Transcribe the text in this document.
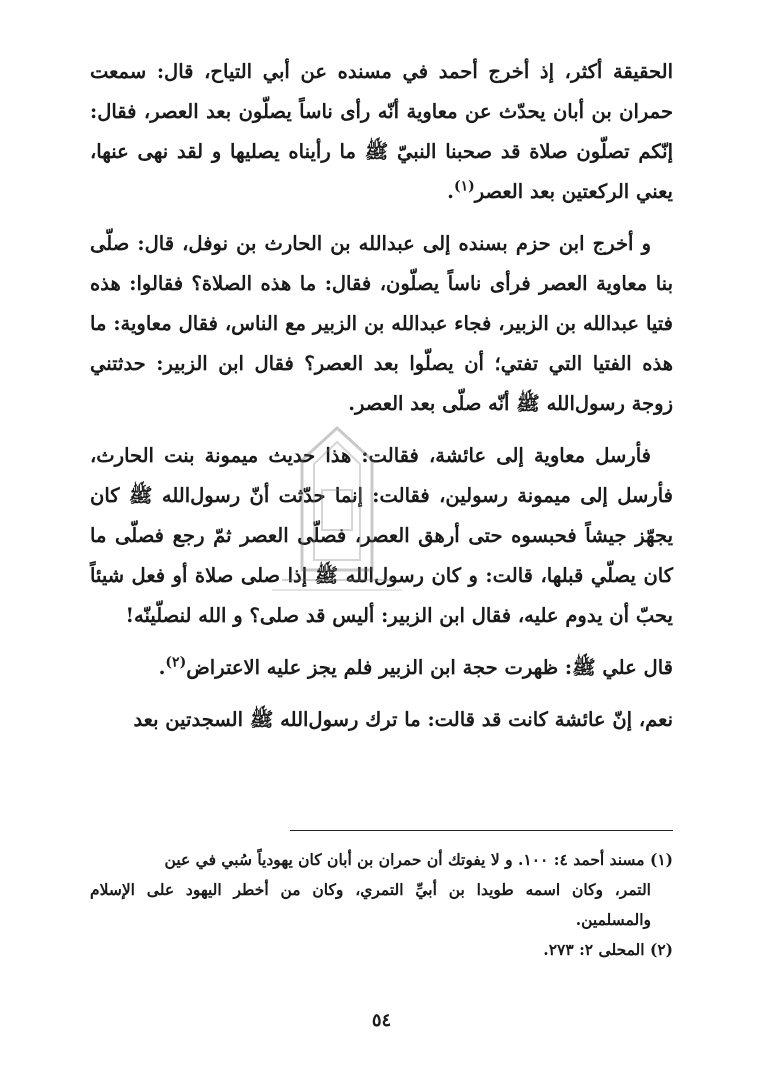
الحقيقة أكثر، إذ أخرج أحمد في مسنده عن أبي التياح، قال: سمعت حمران بن أبان يحدّث عن معاوية أنّه رأى ناساً يصلّون بعد العصر، فقال: إنّكم تصلّون صلاة قد صحبنا النبيّ ﷺ ما رأيناه يصليها و لقد نهى عنها، يعني الركعتين بعد العصر$^{(١)}$.

و أخرج ابن حزم بسنده إلى عبدالله بن الحارث بن نوفل، قال: صلّى بنا معاوية العصر فرأى ناساً يصلّون، فقال: ما هذه الصلاة؟ فقالوا: هذه فتيا عبدالله بن الزبير، فجاء عبدالله بن الزبير مع الناس، فقال معاوية: ما هذه الفتيا التي تفتي؛ أن يصلّوا بعد العصر؟ فقال ابن الزبير: حدثتني زوجة رسول‌الله ﷺ أنّه صلّى بعد العصر.

فأرسل معاوية إلى عائشة، فقالت: هذا حديث ميمونة بنت الحارث، فأرسل إلى ميمونة رسولين، فقالت: إنما حدّثت أنّ رسول‌الله ﷺ كان يجهّز جيشاً فحبسوه حتى أرهق العصر، فصلّى العصر ثمّ رجع فصلّى ما كان يصلّي قبلها، قالت: و كان رسول‌الله ﷺ إذا صلى صلاة أو فعل شيئاً يحبّ أن يدوم عليه، فقال ابن الزبير: أليس قد صلى؟ و الله لنصلّينّه!

قال علي ﷺ: ظهرت حجة ابن الزبير فلم يجز عليه الاعتراض$^{(٢)}$.

نعم، إنّ عائشة كانت قد قالت: ما ترك رسول‌الله ﷺ السجدتين بعد

(١) مسند أحمد ٤: ١٠٠. و لا يفوتك أن حمران بن أبان كان يهودياً سُبي في عين
التمر، وكان اسمه طويدا بن أبيِّ التمري، وكان من أخطر اليهود على الإسلام والمسلمين.

(٢) المحلى ٢: ٢٧٣.

٥٤
